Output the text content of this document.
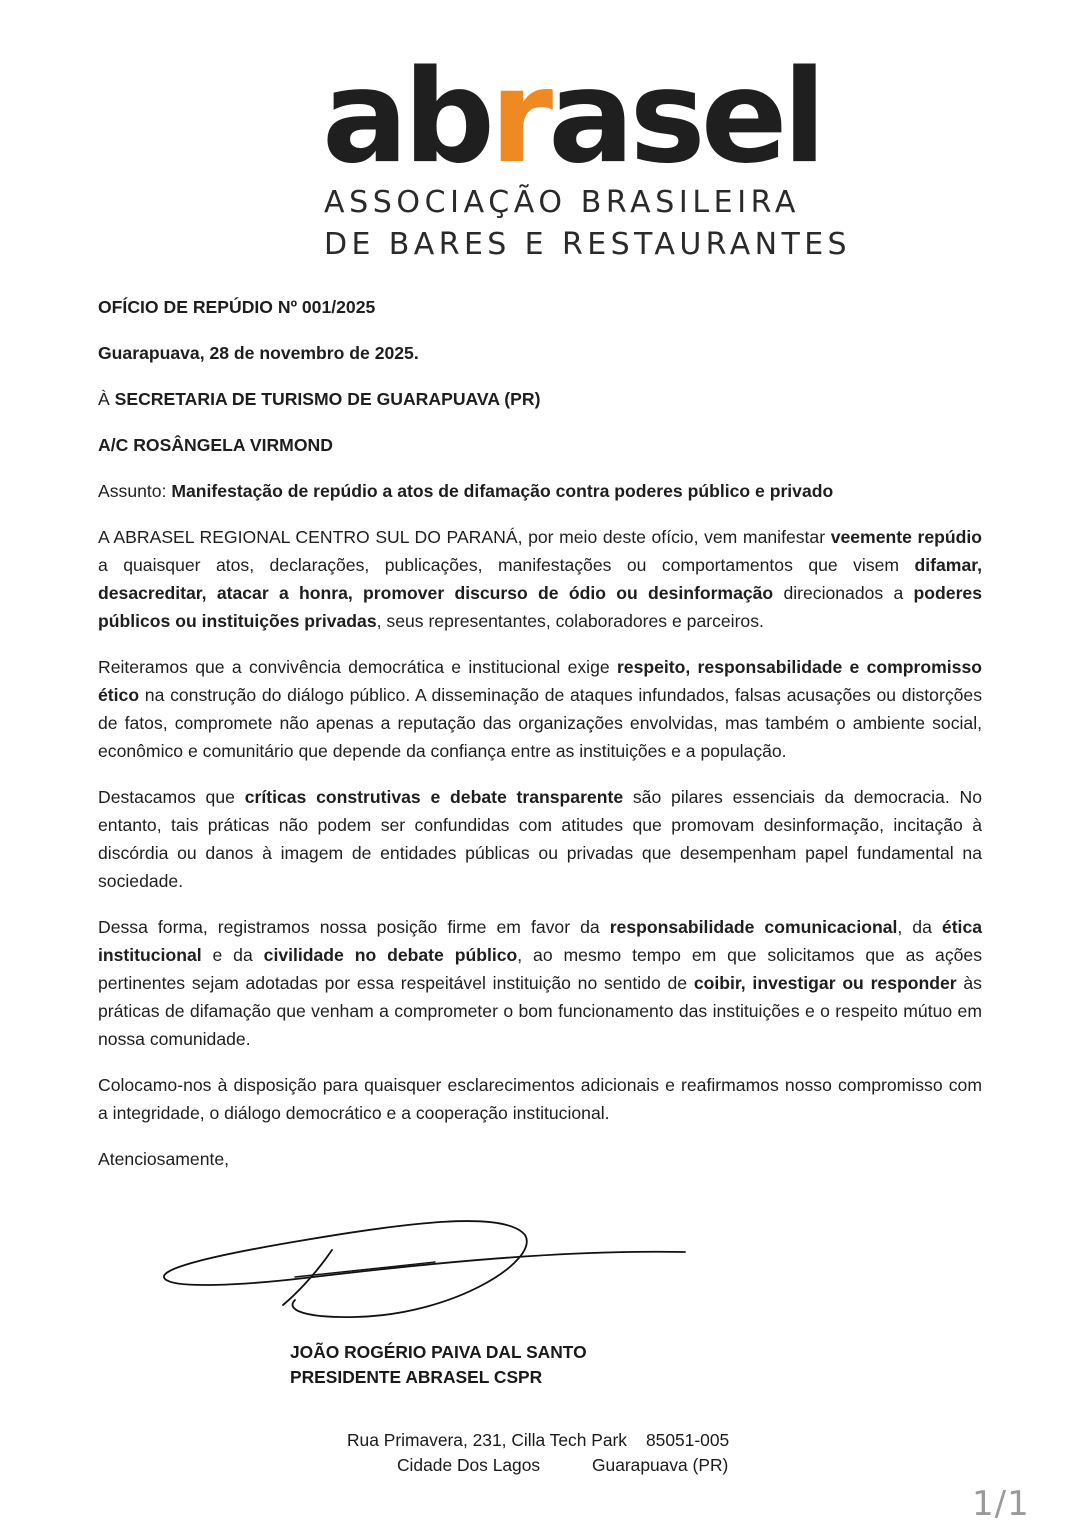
abrasel
ASSOCIAÇÃO BRASILEIRA
DE BARES E RESTAURANTES

OFÍCIO DE REPÚDIO Nº 001/2025

Guarapuava, 28 de novembro de 2025.

À SECRETARIA DE TURISMO DE GUARAPUAVA (PR)

A/C ROSÂNGELA VIRMOND

Assunto: Manifestação de repúdio a atos de difamação contra poderes público e privado

A ABRASEL REGIONAL CENTRO SUL DO PARANÁ, por meio deste ofício, vem manifestar veemente repúdio a quaisquer atos, declarações, publicações, manifestações ou comportamentos que visem difamar, desacreditar, atacar a honra, promover discurso de ódio ou desinformação direcionados a poderes públicos ou instituições privadas, seus representantes, colaboradores e parceiros.

Reiteramos que a convivência democrática e institucional exige respeito, responsabilidade e compromisso ético na construção do diálogo público. A disseminação de ataques infundados, falsas acusações ou distorções de fatos, compromete não apenas a reputação das organizações envolvidas, mas também o ambiente social, econômico e comunitário que depende da confiança entre as instituições e a população.

Destacamos que críticas construtivas e debate transparente são pilares essenciais da democracia. No entanto, tais práticas não podem ser confundidas com atitudes que promovam desinformação, incitação à discórdia ou danos à imagem de entidades públicas ou privadas que desempenham papel fundamental na sociedade.

Dessa forma, registramos nossa posição firme em favor da responsabilidade comunicacional, da ética institucional e da civilidade no debate público, ao mesmo tempo em que solicitamos que as ações pertinentes sejam adotadas por essa respeitável instituição no sentido de coibir, investigar ou responder às práticas de difamação que venham a comprometer o bom funcionamento das instituições e o respeito mútuo em nossa comunidade.

Colocamo-nos à disposição para quaisquer esclarecimentos adicionais e reafirmamos nosso compromisso com a integridade, o diálogo democrático e a cooperação institucional.

Atenciosamente,

JOÃO ROGÉRIO PAIVA DAL SANTO
PRESIDENTE ABRASEL CSPR
Rua Primavera, 231, Cilla Tech Park 85051-005
Cidade Dos Lagos	Guarapuava (PR)
1/1
